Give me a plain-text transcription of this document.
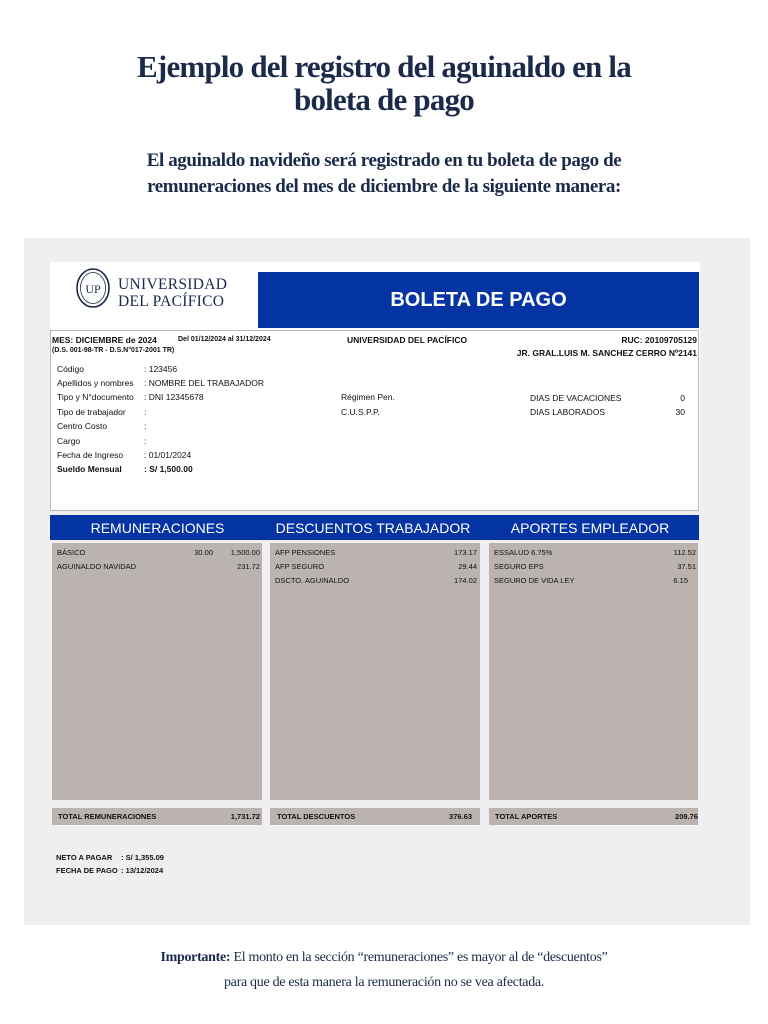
Ejemplo del registro del aguinaldo en la
boleta de pago
El aguinaldo navideño será registrado en tu boleta de pago de
remuneraciones del mes de diciembre de la siguiente manera:
UP UNIVERSIDAD
DEL PACÍFICO	BOLETA DE PAGO
MES: DICIEMBRE de 2024	Del 01/12/2024 al 31/12/2024
(D.S. 001-98-TR - D.S.N°017-2001 TR)
UNIVERSIDAD DEL PACÍFICO	RUC: 20109705129
JR. GRAL.LUIS M. SANCHEZ CERRO Nº2141
Código	: 123456
Apellidos y nombres : NOMBRE DEL TRABAJADOR
Tipo y N°documento : DNI 12345678
Tipo de trabajador :
Centro Costo	:
Cargo	:
Fecha de Ingreso : 01/01/2024
Sueldo Mensual	: S/ 1,500.00
Régimen Pen.
C.U.S.P.P.
DIAS DE VACACIONES	0
DIAS LABORADOS	30
REMUNERACIONES	DESCUENTOS TRABAJADOR	APORTES EMPLEADOR
BÁSICO	30.00 1,500.00
AGUINALDO NAVIDAD	231.72
AFP PENSIONES	173.17
AFP SEGURO	29.44
DSCTO. AGUINALDO	174.02
ESSALUD 6.75%	112.52
SEGURO EPS	37.51
SEGURO DE VIDA LEY	6.15
TOTAL REMUNERACIONES	1,731.72 TOTAL DESCUENTOS	376.63	TOTAL APORTES	209.76
NETO A PAGAR : S/ 1,355.09
FECHA DE PAGO : 13/12/2024
Importante: El monto en la sección “remuneraciones” es mayor al de “descuentos”
para que de esta manera la remuneración no se vea afectada.
